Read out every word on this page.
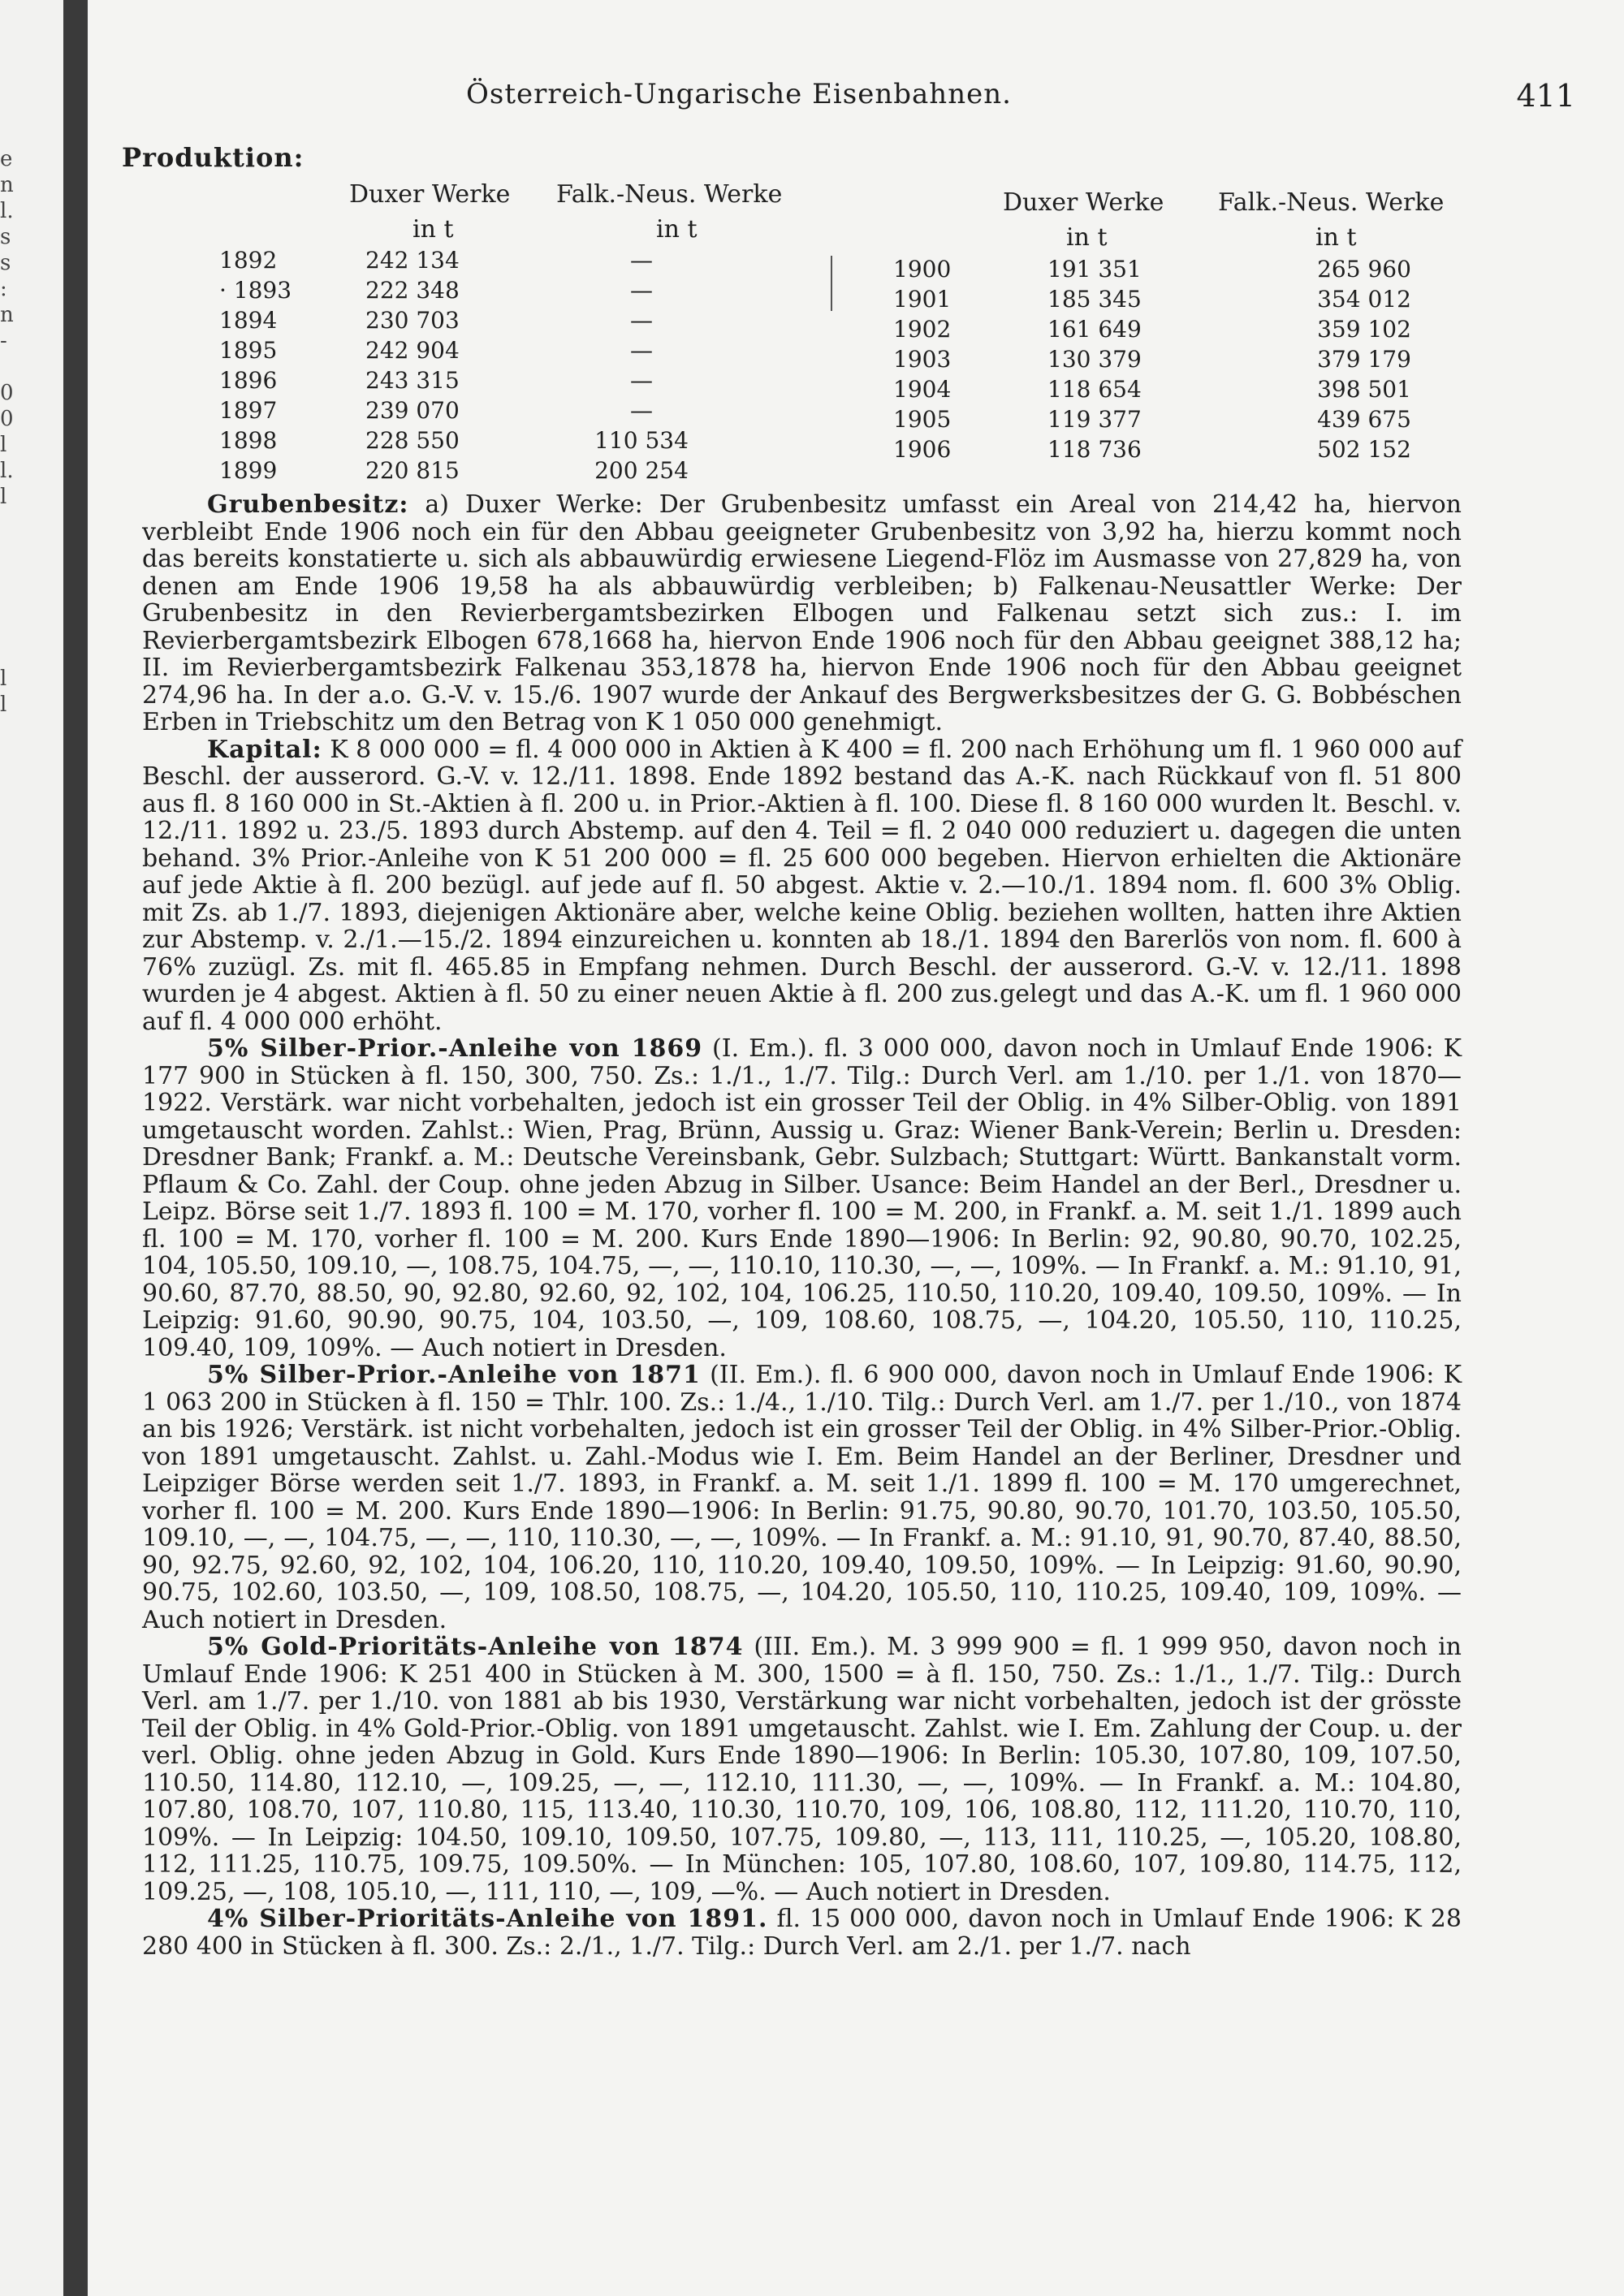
e
n
l.
s
s
:
n
-
0
0
l
l.
l
l
l
Österreich-Ungarische Eisenbahnen.	411
Produktion:
Duxer Werke Falk.-Neus. Werke
in t	in t
Duxer Werke Falk.-Neus. Werke
in t	in t
1892	242 134	—
· 1893	222 348	—
1894	230 703	—
1895	242 904	—
1896	243 315	—
1897	239 070	—
1898	228 550	110 534
1899	220 815	200 254
1900	191 351	265 960
1901	185 345	354 012
1902	161 649	359 102
1903	130 379	379 179
1904	118 654	398 501
1905	119 377	439 675
1906	118 736	502 152

Grubenbesitz: a) Duxer Werke: Der Grubenbesitz umfasst ein Areal von 214,42 ha, hiervon verbleibt Ende 1906 noch ein für den Abbau geeigneter Grubenbesitz von 3,92 ha, hierzu kommt noch das bereits konstatierte u. sich als abbauwürdig erwiesene Liegend-Flöz im Ausmasse von 27,829 ha, von denen am Ende 1906 19,58 ha als abbauwürdig verbleiben; b) Falkenau-Neusattler Werke: Der Grubenbesitz in den Revierbergamtsbezirken Elbogen und Falkenau setzt sich zus.: I. im Revierbergamtsbezirk Elbogen 678,1668 ha, hiervon Ende 1906 noch für den Abbau geeignet 388,12 ha; II. im Revierbergamtsbezirk Falkenau 353,1878 ha, hiervon Ende 1906 noch für den Abbau geeignet 274,96 ha. In der a.o. G.-V. v. 15./6. 1907 wurde der Ankauf des Bergwerksbesitzes der G. G. Bobbéschen Erben in Triebschitz um den Betrag von K 1 050 000 genehmigt.

Kapital: K 8 000 000 = fl. 4 000 000 in Aktien à K 400 = fl. 200 nach Erhöhung um fl. 1 960 000 auf Beschl. der ausserord. G.-V. v. 12./11. 1898. Ende 1892 bestand das A.-K. nach Rückkauf von fl. 51 800 aus fl. 8 160 000 in St.-Aktien à fl. 200 u. in Prior.-Aktien à fl. 100. Diese fl. 8 160 000 wurden lt. Beschl. v. 12./11. 1892 u. 23./5. 1893 durch Abstemp. auf den 4. Teil = fl. 2 040 000 reduziert u. dagegen die unten behand. 3% Prior.-Anleihe von K 51 200 000 = fl. 25 600 000 begeben. Hiervon erhielten die Aktionäre auf jede Aktie à fl. 200 bezügl. auf jede auf fl. 50 abgest. Aktie v. 2.—10./1. 1894 nom. fl. 600 3% Oblig. mit Zs. ab 1./7. 1893, diejenigen Aktionäre aber, welche keine Oblig. beziehen wollten, hatten ihre Aktien zur Abstemp. v. 2./1.—15./2. 1894 einzureichen u. konnten ab 18./1. 1894 den Barerlös von nom. fl. 600 à 76% zuzügl. Zs. mit fl. 465.85 in Empfang nehmen. Durch Beschl. der ausserord. G.-V. v. 12./11. 1898 wurden je 4 abgest. Aktien à fl. 50 zu einer neuen Aktie à fl. 200 zus.gelegt und das A.-K. um fl. 1 960 000 auf fl. 4 000 000 erhöht.

5% Silber-Prior.-Anleihe von 1869 (I. Em.). fl. 3 000 000, davon noch in Umlauf Ende 1906: K 177 900 in Stücken à fl. 150, 300, 750. Zs.: 1./1., 1./7. Tilg.: Durch Verl. am 1./10. per 1./1. von 1870—1922. Verstärk. war nicht vorbehalten, jedoch ist ein grosser Teil der Oblig. in 4% Silber-Oblig. von 1891 umgetauscht worden. Zahlst.: Wien, Prag, Brünn, Aussig u. Graz: Wiener Bank-Verein; Berlin u. Dresden: Dresdner Bank; Frankf. a. M.: Deutsche Vereinsbank, Gebr. Sulzbach; Stuttgart: Württ. Bankanstalt vorm. Pflaum & Co. Zahl. der Coup. ohne jeden Abzug in Silber. Usance: Beim Handel an der Berl., Dresdner u. Leipz. Börse seit 1./7. 1893 fl. 100 = M. 170, vorher fl. 100 = M. 200, in Frankf. a. M. seit 1./1. 1899 auch fl. 100 = M. 170, vorher fl. 100 = M. 200. Kurs Ende 1890—1906: In Berlin: 92, 90.80, 90.70, 102.25, 104, 105.50, 109.10, —, 108.75, 104.75, —, —, 110.10, 110.30, —, —, 109%. — In Frankf. a. M.: 91.10, 91, 90.60, 87.70, 88.50, 90, 92.80, 92.60, 92, 102, 104, 106.25, 110.50, 110.20, 109.40, 109.50, 109%. — In Leipzig: 91.60, 90.90, 90.75, 104, 103.50, —, 109, 108.60, 108.75, —, 104.20, 105.50, 110, 110.25, 109.40, 109, 109%. — Auch notiert in Dresden.

5% Silber-Prior.-Anleihe von 1871 (II. Em.). fl. 6 900 000, davon noch in Umlauf Ende 1906: K 1 063 200 in Stücken à fl. 150 = Thlr. 100. Zs.: 1./4., 1./10. Tilg.: Durch Verl. am 1./7. per 1./10., von 1874 an bis 1926; Verstärk. ist nicht vorbehalten, jedoch ist ein grosser Teil der Oblig. in 4% Silber-Prior.-Oblig. von 1891 umgetauscht. Zahlst. u. Zahl.-Modus wie I. Em. Beim Handel an der Berliner, Dresdner und Leipziger Börse werden seit 1./7. 1893, in Frankf. a. M. seit 1./1. 1899 fl. 100 = M. 170 umgerechnet, vorher fl. 100 = M. 200. Kurs Ende 1890—1906: In Berlin: 91.75, 90.80, 90.70, 101.70, 103.50, 105.50, 109.10, —, —, 104.75, —, —, 110, 110.30, —, —, 109%. — In Frankf. a. M.: 91.10, 91, 90.70, 87.40, 88.50, 90, 92.75, 92.60, 92, 102, 104, 106.20, 110, 110.20, 109.40, 109.50, 109%. — In Leipzig: 91.60, 90.90, 90.75, 102.60, 103.50, —, 109, 108.50, 108.75, —, 104.20, 105.50, 110, 110.25, 109.40, 109, 109%. — Auch notiert in Dresden.

5% Gold-Prioritäts-Anleihe von 1874 (III. Em.). M. 3 999 900 = fl. 1 999 950, davon noch in Umlauf Ende 1906: K 251 400 in Stücken à M. 300, 1500 = à fl. 150, 750. Zs.: 1./1., 1./7. Tilg.: Durch Verl. am 1./7. per 1./10. von 1881 ab bis 1930, Verstärkung war nicht vorbehalten, jedoch ist der grösste Teil der Oblig. in 4% Gold-Prior.-Oblig. von 1891 umgetauscht. Zahlst. wie I. Em. Zahlung der Coup. u. der verl. Oblig. ohne jeden Abzug in Gold. Kurs Ende 1890—1906: In Berlin: 105.30, 107.80, 109, 107.50, 110.50, 114.80, 112.10, —, 109.25, —, —, 112.10, 111.30, —, —, 109%. — In Frankf. a. M.: 104.80, 107.80, 108.70, 107, 110.80, 115, 113.40, 110.30, 110.70, 109, 106, 108.80, 112, 111.20, 110.70, 110, 109%. — In Leipzig: 104.50, 109.10, 109.50, 107.75, 109.80, —, 113, 111, 110.25, —, 105.20, 108.80, 112, 111.25, 110.75, 109.75, 109.50%. — In München: 105, 107.80, 108.60, 107, 109.80, 114.75, 112, 109.25, —, 108, 105.10, —, 111, 110, —, 109, —%. — Auch notiert in Dresden.

4% Silber-Prioritäts-Anleihe von 1891. fl. 15 000 000, davon noch in Umlauf Ende 1906: K 28 280 400 in Stücken à fl. 300. Zs.: 2./1., 1./7. Tilg.: Durch Verl. am 2./1. per 1./7. nach
